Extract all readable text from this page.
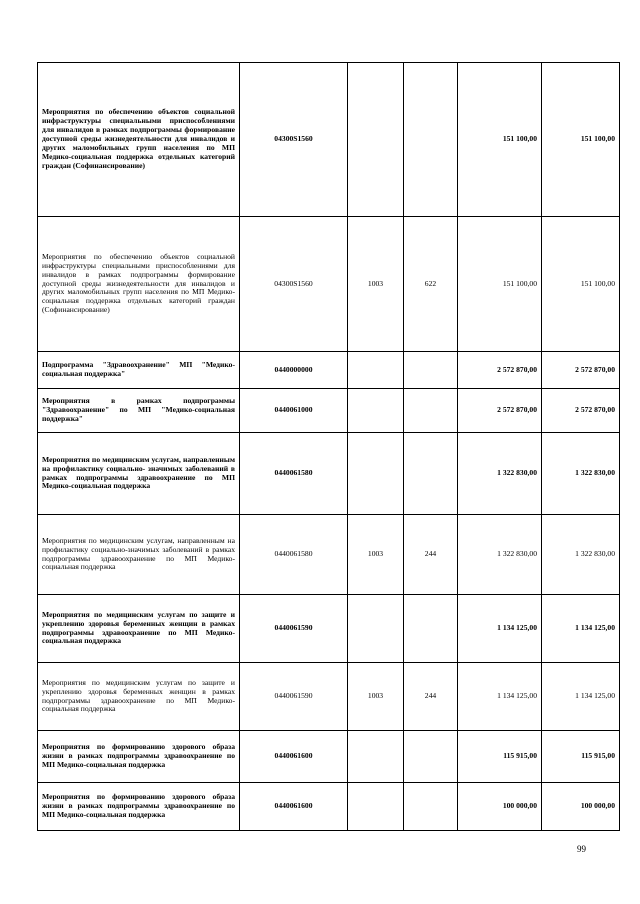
Мероприятия по обеспечению объектов социальной инфраструктуры специальными приспособлениями для инвалидов в рамках подпрограммы формирование доступной среды жизнедеятельности для инвалидов и других маломобильных групп населения по МП Медико-социальная поддержка отдельных категорий граждан (Софинансирование)	04300S1560			151 100,00	151 100,00
Мероприятия по обеспечению объектов социальной инфраструктуры специальными приспособлениями для инвалидов в рамках подпрограммы формирование доступной среды жизнедеятельности для инвалидов и других маломобильных групп населения по МП Медико-социальная поддержка отдельных категорий граждан (Софинансирование)	04300S1560	1003	622	151 100,00	151 100,00
Подпрограмма "Здравоохранение" МП "Медико-социальная поддержка"	0440000000			2 572 870,00	2 572 870,00
Мероприятия в рамках подпрограммы "Здравоохранение" по МП "Медико-социальная поддержка"	0440061000			2 572 870,00	2 572 870,00
Мероприятия по медицинским услугам, направленным на профилактику социально- значимых заболеваний в рамках подпрограммы здравоохранение по МП Медико-социальная поддержка	0440061580			1 322 830,00	1 322 830,00
Мероприятия по медицинским услугам, направленным на профилактику социально-значимых заболеваний в рамках подпрограммы здравоохранение по МП Медико-социальная поддержка	0440061580	1003	244	1 322 830,00	1 322 830,00
Мероприятия по медицинским услугам по защите и укреплению здоровья беременных женщин в рамках подпрограммы здравоохранение по МП Медико-социальная поддержка	0440061590			1 134 125,00	1 134 125,00
Мероприятия по медицинским услугам по защите и укреплению здоровья беременных женщин в рамках подпрограммы здравоохранение по МП Медико-социальная поддержка	0440061590	1003	244	1 134 125,00	1 134 125,00
Мероприятия по формированию здорового образа жизни в рамках подпрограммы здравоохранение по МП Медико-социальная поддержка	0440061600			115 915,00	115 915,00
Мероприятия по формированию здорового образа жизни в рамках подпрограммы здравоохранение по МП Медико-социальная поддержка	0440061600			100 000,00	100 000,00
99
